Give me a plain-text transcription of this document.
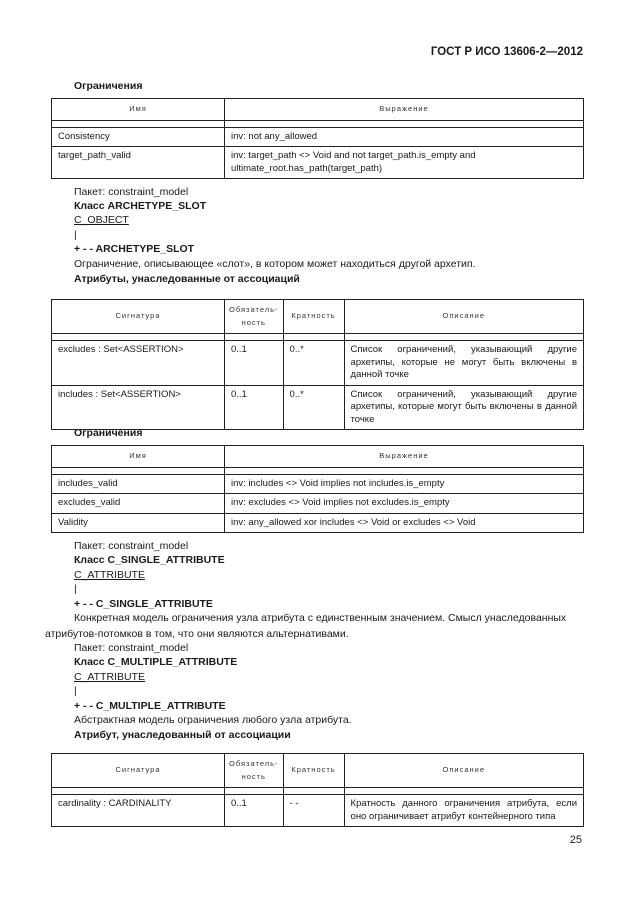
ГОСТ Р ИСО 13606-2—2012
Ограничения
Имя	Выражение

Consistency	inv: not any_allowed
target_path_valid	inv: target_path <> Void and not target_path.is_empty and ultimate_root.has_path(target_path)
Пакет: constraint_model
Класс ARCHETYPE_SLOT
C_OBJECT
|
+ - - ARCHETYPE_SLOT
Ограничение, описывающее «слот», в котором может находиться другой архетип.
Атрибуты, унаследованные от ассоциаций
Сигнатура	Обязатель-ность	Кратность	Описание

excludes : Set<ASSERTION>	0..1	0..*	Список ограничений, указывающий другие архетипы, которые не могут быть включены в данной точке
includes : Set<ASSERTION>	0..1	0..*	Список ограничений, указывающий другие архетипы, которые могут быть включены в данной точке
Ограничения
Имя	Выражение

includes_valid	inv: includes <> Void implies not includes.is_empty
excludes_valid	inv: excludes <> Void implies not excludes.is_empty
Validity	inv: any_allowed xor includes <> Void or excludes <> Void
Пакет: constraint_model
Класс C_SINGLE_ATTRIBUTE
C_ATTRIBUTE
|
+ - - C_SINGLE_ATTRIBUTE
Конкретная модель ограничения узла атрибута с единственным значением. Смысл унаследованных атрибутов-потомков в том, что они являются альтернативами.
Пакет: constraint_model
Класс C_MULTIPLE_ATTRIBUTE
C_ATTRIBUTE
|
+ - - C_MULTIPLE_ATTRIBUTE
Абстрактная модель ограничения любого узла атрибута.
Атрибут, унаследованный от ассоциации
Сигнатура	Обязатель-ность	Кратность	Описание

cardinality : CARDINALITY	0..1	- -	Кратность данного ограничения атрибута, если оно ограничивает атрибут контейнерного типа
25
